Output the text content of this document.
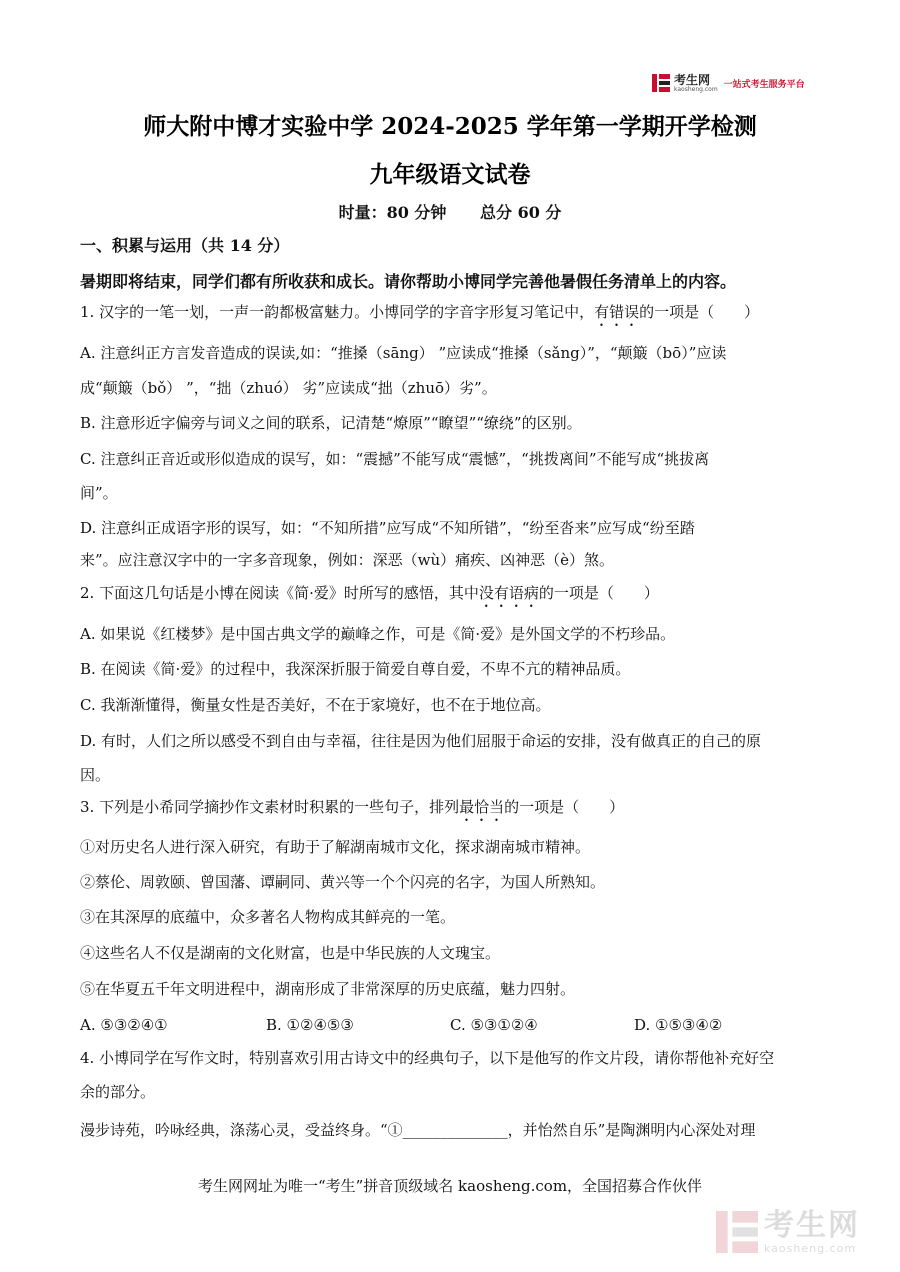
考生网
kaosheng.com 一站式考生服务平台
师大附中博才实验中学 2024-2025 学年第一学期开学检测
九年级语文试卷
时量：80 分钟 总分 60 分
一、积累与运用（共 14 分）
暑期即将结束，同学们都有所收获和成长。请你帮助小博同学完善他暑假任务清单上的内容。
1. 汉字的一笔一划，一声一韵都极富魅力。小博同学的字音字形复习笔记中，有错误的一项是（　　）
A. 注意纠正方言发音造成的误读,如：“推搡（sāng） ”应读成“推搡（sǎng）”，“颠簸（bō）”应读
成“颠簸（bǒ） ”，“拙（zhuó） 劣”应读成“拙（zhuō）劣”。
B. 注意形近字偏旁与词义之间的联系，记清楚“燎原”“瞭望”“缭绕”的区别。
C. 注意纠正音近或形似造成的误写，如：“震撼”不能写成“震憾”，“挑拨离间”不能写成“挑拔离
间”。
D. 注意纠正成语字形的误写，如：“不知所措”应写成“不知所错”，“纷至沓来”应写成“纷至踏
来”。应注意汉字中的一字多音现象，例如：深恶（wù）痛疾、凶神恶（è）煞。
2. 下面这几句话是小博在阅读《简·爱》时所写的感悟，其中没有语病的一项是（　　）
A. 如果说《红楼梦》是中国古典文学的巅峰之作，可是《简·爱》是外国文学的不朽珍品。
B. 在阅读《简·爱》的过程中，我深深折服于简爱自尊自爱，不卑不亢的精神品质。
C. 我渐渐懂得，衡量女性是否美好，不在于家境好，也不在于地位高。
D. 有时，人们之所以感受不到自由与幸福，往往是因为他们屈服于命运的安排，没有做真正的自己的原
因。
3. 下列是小希同学摘抄作文素材时积累的一些句子，排列最恰当的一项是（　　）
①对历史名人进行深入研究，有助于了解湖南城市文化，探求湖南城市精神。
②蔡伦、周敦颐、曾国藩、谭嗣同、黄兴等一个个闪亮的名字，为国人所熟知。
③在其深厚的底蕴中，众多著名人物构成其鲜亮的一笔。
④这些名人不仅是湖南的文化财富，也是中华民族的人文瑰宝。
⑤在华夏五千年文明进程中，湖南形成了非常深厚的历史底蕴，魅力四射。
A. ⑤③②④①	B. ①②④⑤③	C. ⑤③①②④	D. ①⑤③④②
4. 小博同学在写作文时，特别喜欢引用古诗文中的经典句子，以下是他写的作文片段，请你帮他补充好空
余的部分。
漫步诗苑，吟咏经典，涤荡心灵，受益终身。“①______________，并怡然自乐”是陶渊明内心深处对理
考生网网址为唯一“考生”拼音顶级域名 kaosheng.com，全国招募合作伙伴
考生网
kaosheng.com
